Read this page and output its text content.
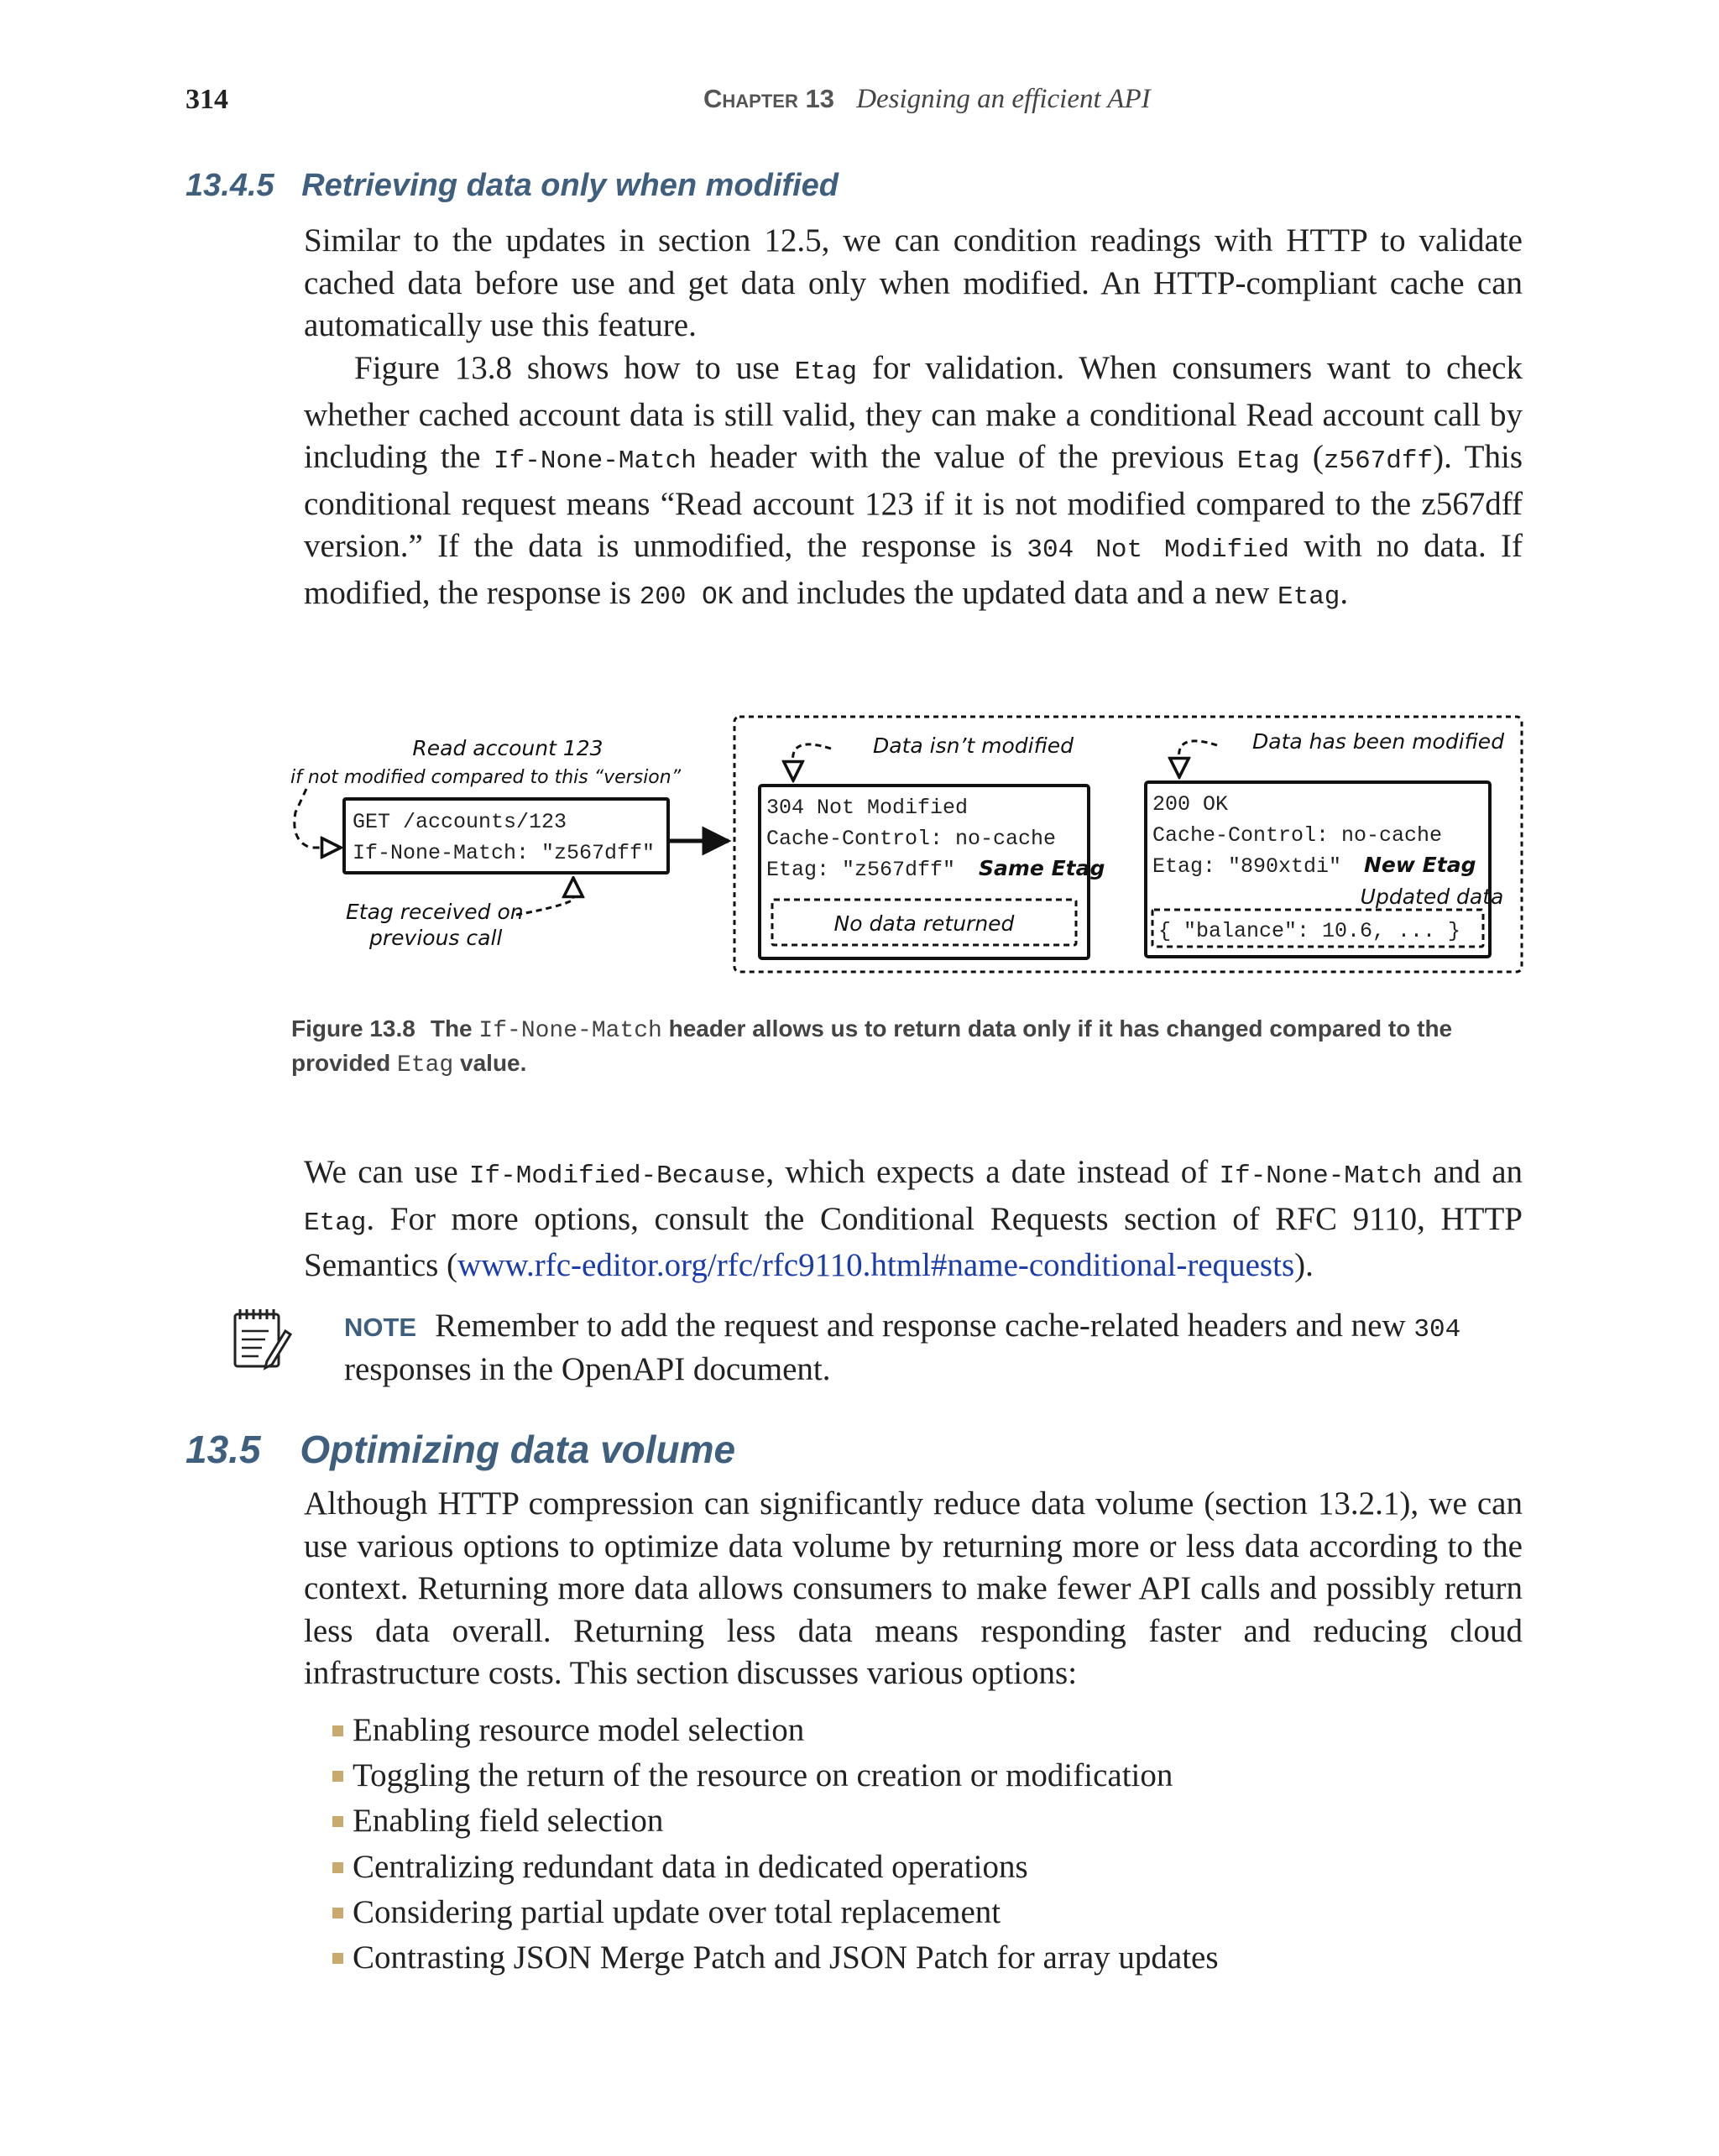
314	Chapter 13 Designing an efficient API
13.4.5 Retrieving data only when modified

Similar to the updates in section 12.5, we can condition readings with HTTP to validate cached data before use and get data only when modified. An HTTP-compliant cache can automatically use this feature.

Figure 13.8 shows how to use Etag for validation. When consumers want to check whether cached account data is still valid, they can make a conditional Read account call by including the If-None-Match header with the value of the previous Etag (z567dff). This conditional request means “Read account 123 if it is not modified compared to the z567dff version.” If the data is unmodified, the response is 304 Not Modified with no data. If modified, the response is 200 OK and includes the updated data and a new Etag.

Read account 123
if not modified compared to this “version”
GET /accounts/123
If-None-Match: "z567dff"
Etag received on
previous call
Data isn’t modified
304 Not Modified
Cache-Control: no-cache
Etag: "z567dff" Same Etag
No data returned
Data has been modified
200 OK
Cache-Control: no-cache
Etag: "890xtdi" New Etag
Updated data
{ "balance": 10.6, ... }

Figure 13.8 The If-None-Match header allows us to return data only if it has changed compared to the provided Etag value.

We can use If-Modified-Because, which expects a date instead of If-None-Match and an Etag. For more options, consult the Conditional Requests section of RFC 9110, HTTP Semantics (www.rfc-editor.org/rfc/rfc9110.html#name-conditional-requests).

NOTE Remember to add the request and response cache-related headers and new 304 responses in the OpenAPI document.

13.5 Optimizing data volume

Although HTTP compression can significantly reduce data volume (section 13.2.1), we can use various options to optimize data volume by returning more or less data according to the context. Returning more data allows consumers to make fewer API calls and possibly return less data overall. Returning less data means responding faster and reducing cloud infrastructure costs. This section discusses various options:

Enabling resource model selection
Toggling the return of the resource on creation or modification
Enabling field selection
Centralizing redundant data in dedicated operations
Considering partial update over total replacement
Contrasting JSON Merge Patch and JSON Patch for array updates
